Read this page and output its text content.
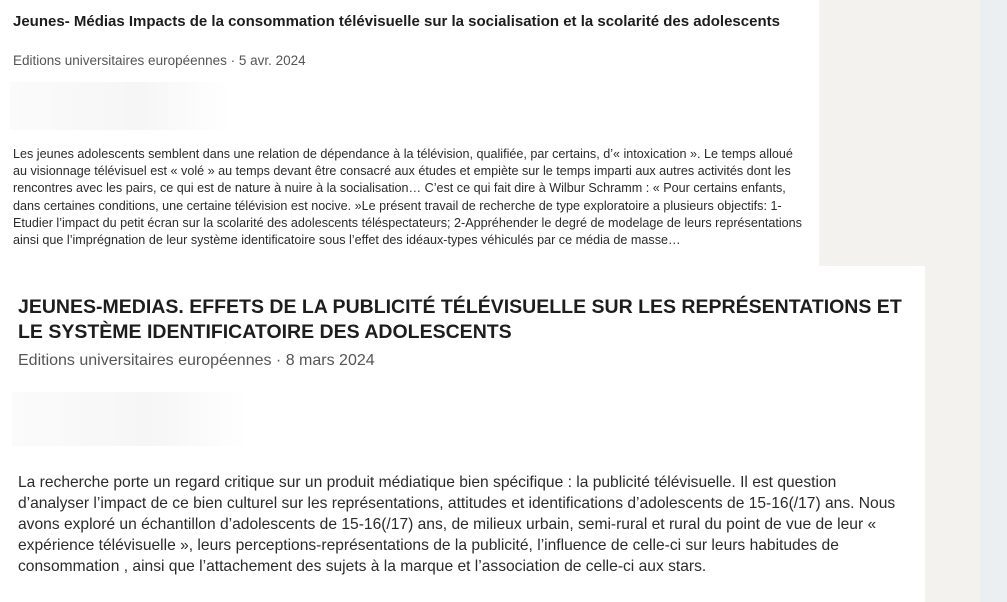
Jeunes- Médias Impacts de la consommation télévisuelle sur la socialisation et la scolarité des adolescents
Editions universitaires européennes · 5 avr. 2024

Les jeunes adolescents semblent dans une relation de dépendance à la télévision, qualifiée, par certains, d’« intoxication ». Le temps alloué au visionnage télévisuel est « volé » au temps devant être consacré aux études et empiète sur le temps imparti aux autres activités dont les rencontres avec les pairs, ce qui est de nature à nuire à la socialisation… C’est ce qui fait dire à Wilbur Schramm : « Pour certains enfants, dans certaines conditions, une certaine télévision est nocive. »Le présent travail de recherche de type exploratoire a plusieurs objectifs: 1- Etudier l’impact du petit écran sur la scolarité des adolescents téléspectateurs; 2-Appréhender le degré de modelage de leurs représentations ainsi que l’imprégnation de leur système identificatoire sous l’effet des idéaux-types véhiculés par ce média de masse…

JEUNES-MEDIAS. EFFETS DE LA PUBLICITÉ TÉLÉVISUELLE SUR LES REPRÉSENTATIONS ET LE SYSTÈME IDENTIFICATOIRE DES ADOLESCENTS
Editions universitaires européennes · 8 mars 2024

La recherche porte un regard critique sur un produit médiatique bien spécifique : la publicité télévisuelle. Il est question d’analyser l’impact de ce bien culturel sur les représentations, attitudes et identifications d’adolescents de 15-16(/17) ans. Nous avons exploré un échantillon d’adolescents de 15-16(/17) ans, de milieux urbain, semi-rural et rural du point de vue de leur « expérience télévisuelle », leurs perceptions-représentations de la publicité, l’influence de celle-ci sur leurs habitudes de consommation , ainsi que l’attachement des sujets à la marque et l’association de celle-ci aux stars.
